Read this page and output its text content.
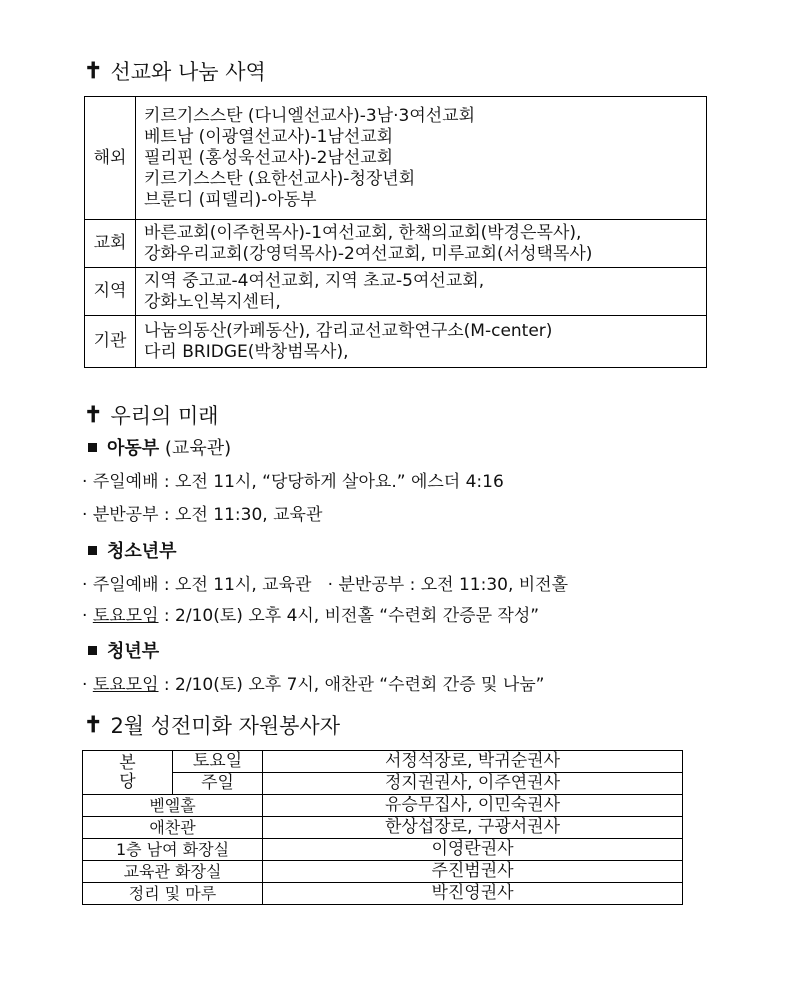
✝ 선교와 나눔 사역
해외	키르기스스탄 (다니엘선교사)-3남·3여선교회
베트남 (이광열선교사)-1남선교회
필리핀 (홍성욱선교사)-2남선교회
키르기스스탄 (요한선교사)-청장년회
브룬디 (피델리)-아동부

교회	바른교회(이주헌목사)-1여선교회, 한책의교회(박경은목사),
강화우리교회(강영덕목사)-2여선교회, 미루교회(서성택목사)

지역	지역 중고교-4여선교회, 지역 초교-5여선교회,
강화노인복지센터,

기관	나눔의동산(카페동산), 감리교선교학연구소(M-center)
다리 BRIDGE(박창범목사),
✝ 우리의 미래
아동부 (교육관)
· 주일예배 : 오전 11시, “당당하게 살아요.” 에스더 4:16
· 분반공부 : 오전 11:30, 교육관
청소년부
· 주일예배 : 오전 11시, 교육관   · 분반공부 : 오전 11:30, 비전홀
· 토요모임 : 2/10(토) 오후 4시, 비전홀 “수련회 간증문 작성”
청년부
· 토요모임 : 2/10(토) 오후 7시, 애찬관 “수련회 간증 및 나눔”
✝ 2월 성전미화 자원봉사자
본
당	토요일	서정석장로, 박귀순권사
	주일	정지권권사, 이주연권사
벧엘홀		유승무집사, 이민숙권사
애찬관		한상섭장로, 구광서권사
1층 남여 화장실		이영란권사
교육관 화장실		주진범권사
정리 및 마루		박진영권사
